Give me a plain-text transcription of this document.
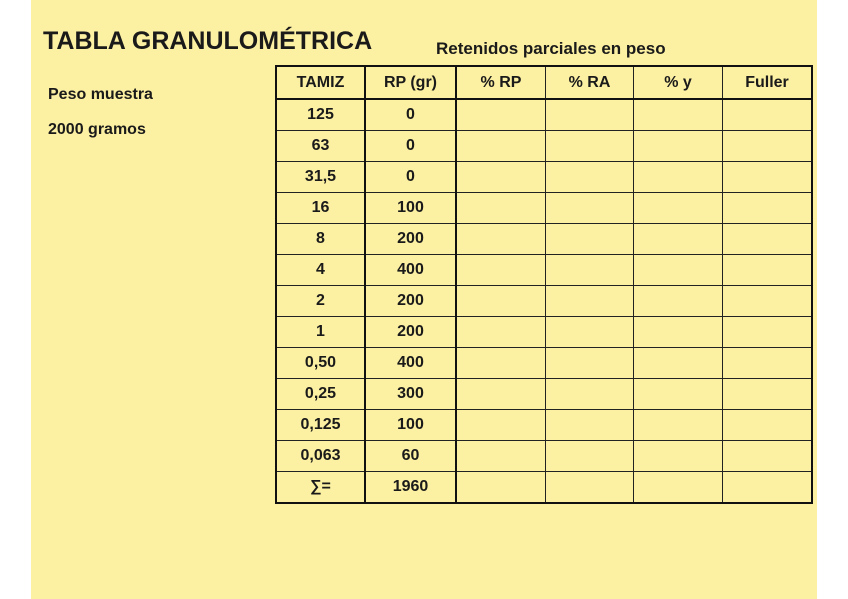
TABLA GRANULOMÉTRICA	Retenidos parciales en peso
Peso muestra
2000 gramos
TAMIZ	RP (gr)	% RP	% RA	% y	Fuller
125	0				
63	0				
31,5	0				
16	100				
8	200				
4	400				
2	200				
1	200				
0,50	400				
0,25	300				
0,125	100				
0,063	60				
∑=	1960				
